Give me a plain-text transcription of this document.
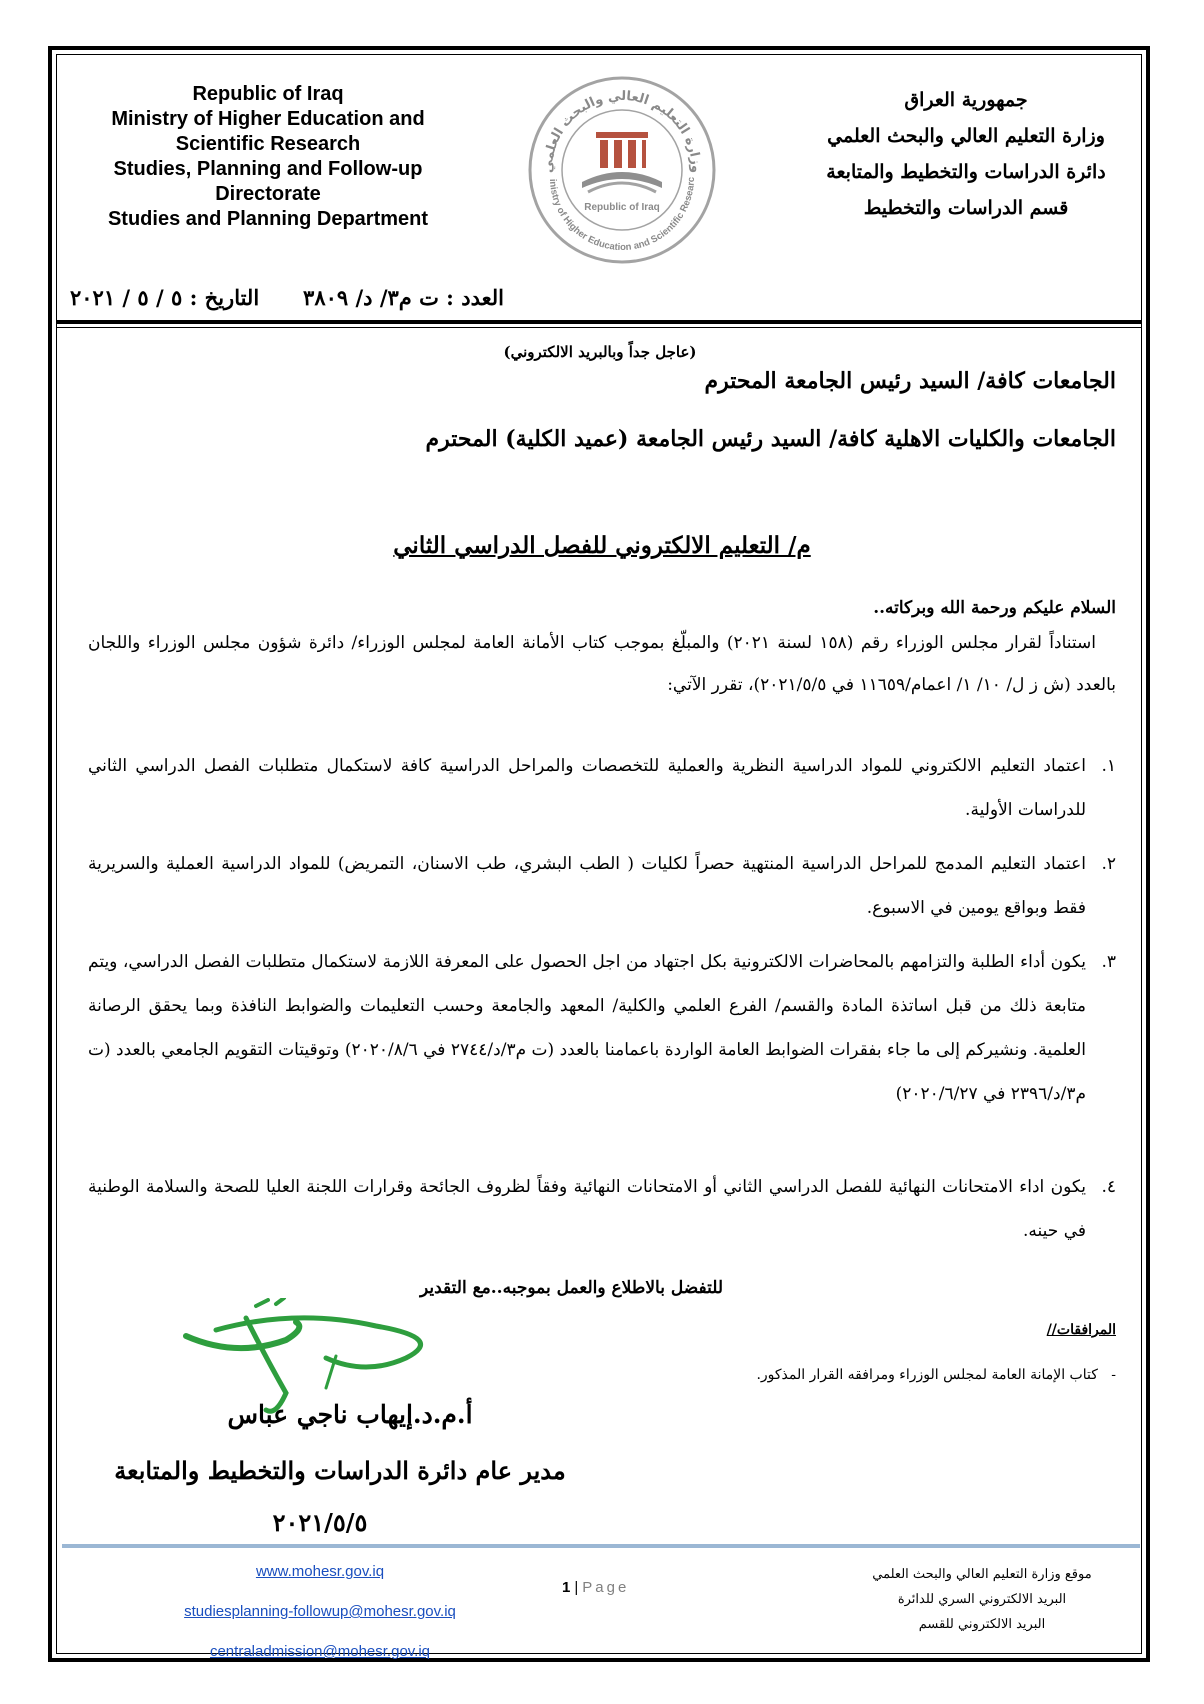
Republic of Iraq
Ministry of Higher Education and
Scientific Research
Studies, Planning and Follow-up
Directorate
Studies and Planning Department
وزارة التعليم العالي والبحث العلمي
inistry of Higher Education and Scientific Researc
Republic of Iraq
جمهورية العراق
وزارة التعليم العالي والبحث العلمي
دائرة الدراسات والتخطيط والمتابعة
قسم الدراسات والتخطيط
العدد : ت م٣/ د/ ٣٨٠٩      التاريخ : ٥ / ٥ / ٢٠٢١
(عاجل جداً وبالبريد الالكتروني)
الجامعات كافة/ السيد رئيس الجامعة المحترم
الجامعات والكليات الاهلية كافة/ السيد رئيس الجامعة (عميد الكلية) المحترم
م/ التعليم الالكتروني للفصل الدراسي الثاني
السلام عليكم ورحمة الله وبركاته..
استناداً لقرار مجلس الوزراء رقم (١٥٨ لسنة ٢٠٢١) والمبلّغ بموجب كتاب الأمانة العامة لمجلس الوزراء/ دائرة شؤون مجلس الوزراء واللجان بالعدد (ش ز ل/ ١٠/ ١/ اعمام/١١٦٥٩ في ٢٠٢١/٥/٥)، تقرر الآتي:
١.
اعتماد التعليم الالكتروني للمواد الدراسية النظرية والعملية للتخصصات والمراحل الدراسية كافة لاستكمال متطلبات الفصل الدراسي الثاني للدراسات الأولية.
٢.
اعتماد التعليم المدمج للمراحل الدراسية المنتهية حصراً لكليات ( الطب البشري، طب الاسنان، التمريض) للمواد الدراسية العملية والسريرية فقط وبواقع يومين في الاسبوع.
٣.
يكون أداء الطلبة والتزامهم بالمحاضرات الالكترونية بكل اجتهاد من اجل الحصول على المعرفة اللازمة لاستكمال متطلبات الفصل الدراسي، ويتم متابعة ذلك من قبل اساتذة المادة والقسم/ الفرع العلمي والكلية/ المعهد والجامعة وحسب التعليمات والضوابط النافذة وبما يحقق الرصانة العلمية. ونشيركم إلى ما جاء بفقرات الضوابط العامة الواردة باعمامنا بالعدد (ت م٣/د/٢٧٤٤ في ٢٠٢٠/٨/٦) وتوقيتات التقويم الجامعي بالعدد (ت م٣/د/٢٣٩٦ في ٢٠٢٠/٦/٢٧)
٤.
يكون اداء الامتحانات النهائية للفصل الدراسي الثاني أو الامتحانات النهائية وفقاً لظروف الجائحة وقرارات اللجنة العليا للصحة والسلامة الوطنية في حينه.
للتفضل بالاطلاع والعمل بموجبه..مع التقدير
المرافقات//
-   كتاب الإمانة العامة لمجلس الوزراء ومرافقه القرار المذكور.
أ.م.د.إيهاب ناجي عباس
مدير عام دائرة الدراسات والتخطيط والمتابعة
٢٠٢١/٥/٥
www.mohesr.gov.iq
studiesplanning-followup@mohesr.gov.iq
centraladmission@mohesr.gov.iq
1 | Page
موقع وزارة التعليم العالي والبحث العلمي
البريد الالكتروني السري للدائرة
البريد الالكتروني للقسم
